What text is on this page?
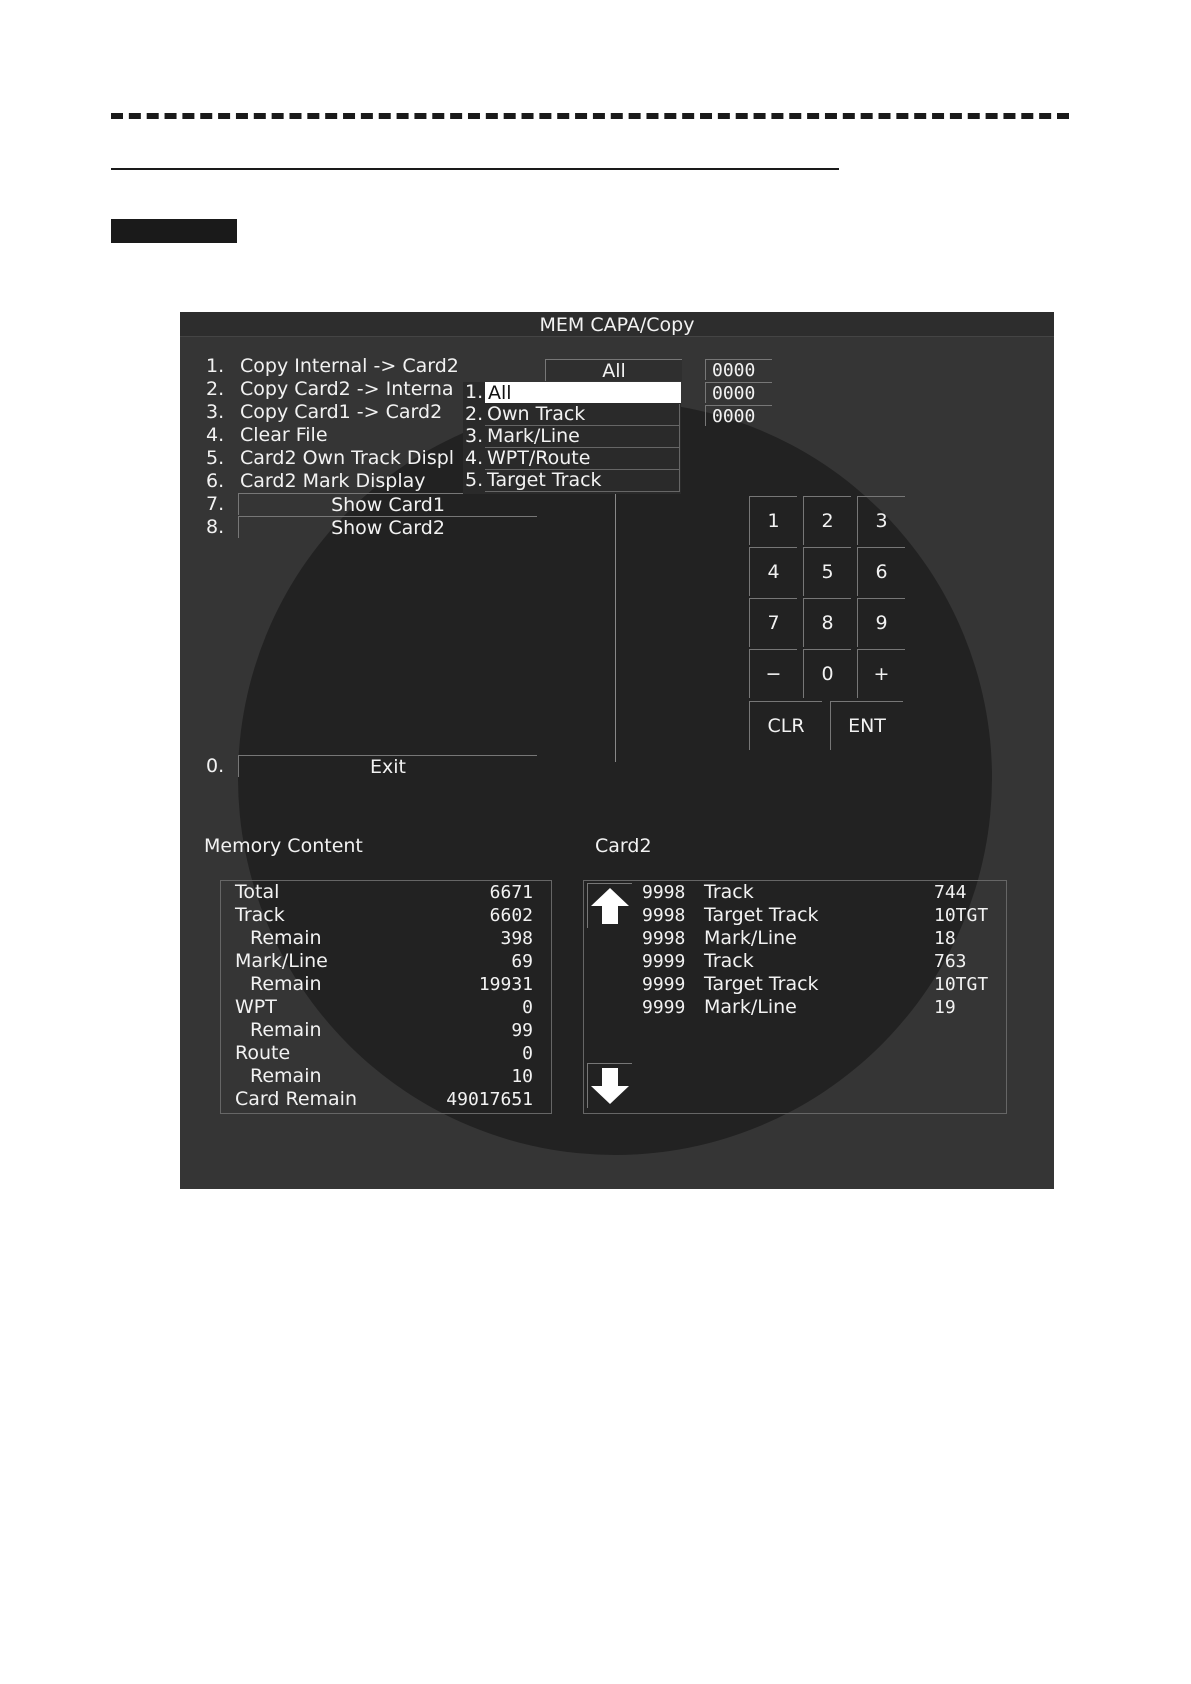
MEM CAPA/Copy
1. Copy Internal -> Card2
2. Copy Card2 -> Interna
3. Copy Card1 -> Card2
4. Clear File
5. Card2 Own Track Displ
6. Card2 Mark Display
7.	Show Card1
8.	Show Card2
0.	Exit
All	0000
0000
0000
1. All
2. Own Track
3. Mark/Line
4. WPT/Route
5. Target Track
1	2	3
4	5	6
7	8	9
−	0	+
CLR	ENT
Memory Content
Total	6671
Track	6602
Remain	398
Mark/Line	69
Remain	19931
WPT	0
Remain	99
Route	0
Remain	10
Card Remain	49017651
Card2
9998 Track	744
9998 Target Track	10TGT
9998 Mark/Line	18
9999 Track	763
9999 Target Track	10TGT
9999 Mark/Line	19
